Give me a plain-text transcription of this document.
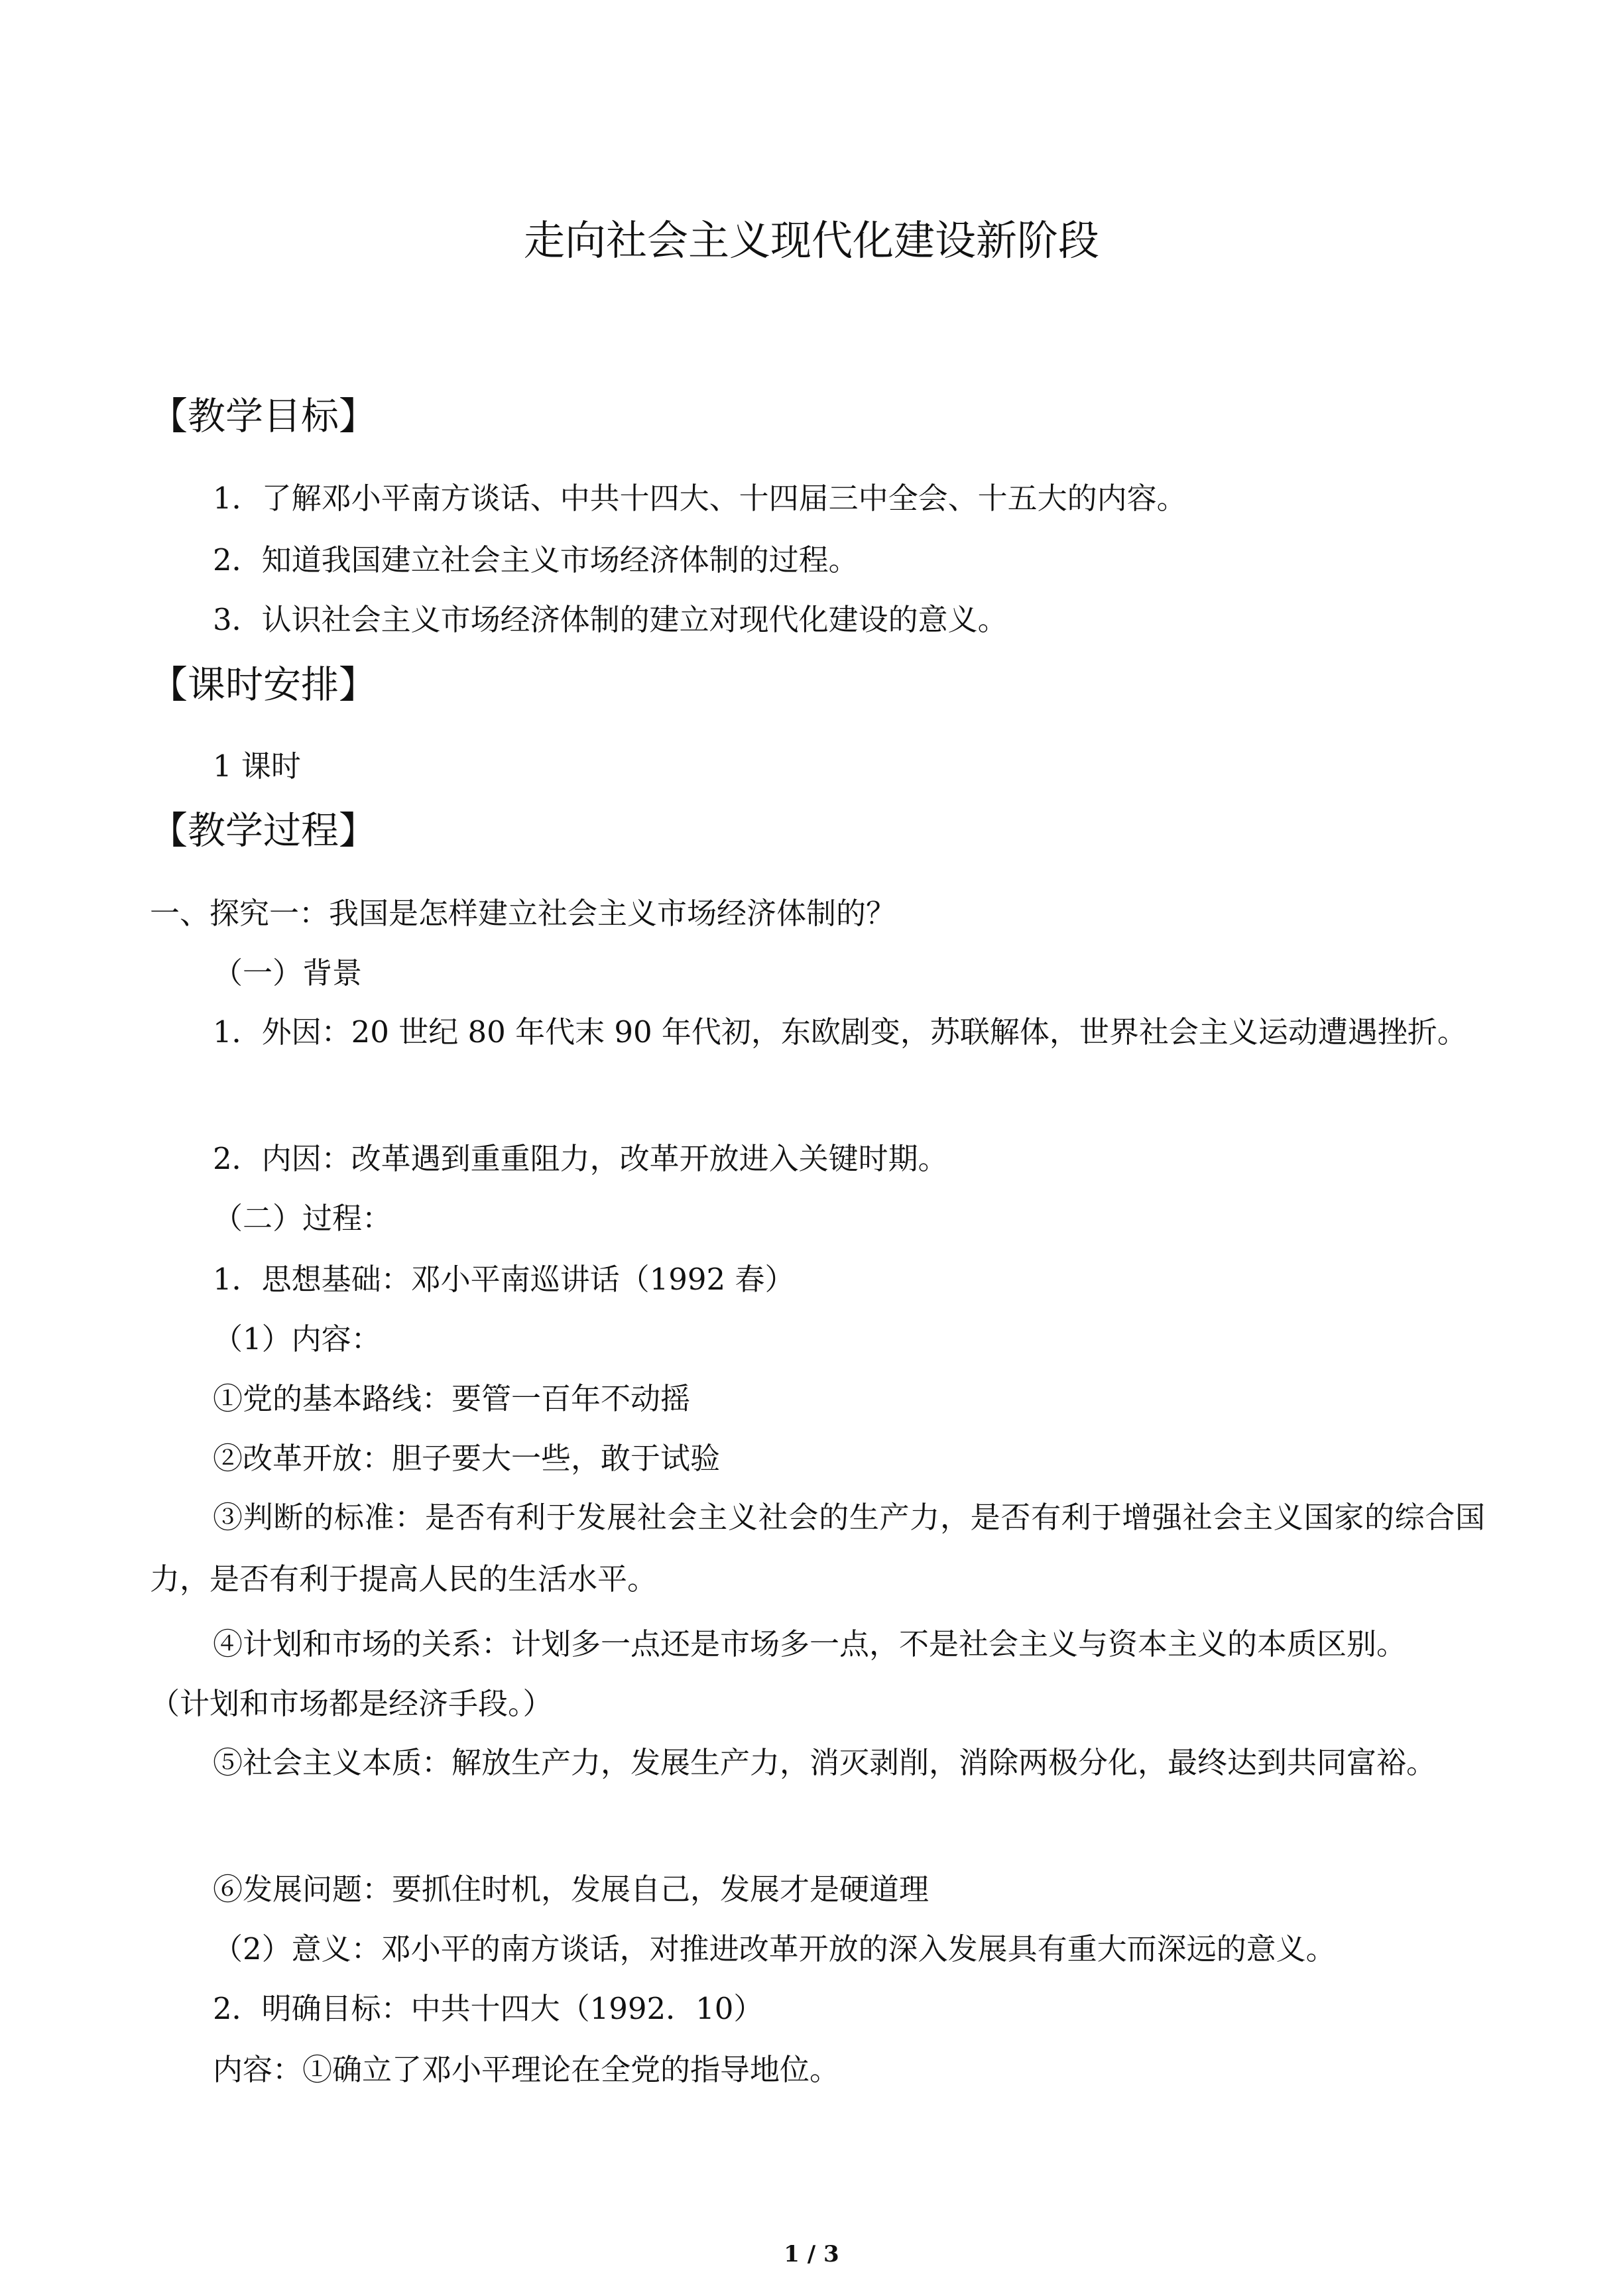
走向社会主义现代化建设新阶段
【教学目标】

1．了解邓小平南方谈话、中共十四大、十四届三中全会、十五大的内容。

2．知道我国建立社会主义市场经济体制的过程。

3．认识社会主义市场经济体制的建立对现代化建设的意义。

【课时安排】

1 课时

【教学过程】

一、探究一：我国是怎样建立社会主义市场经济体制的？

（一）背景

1．外因：20 世纪 80 年代末 90 年代初，东欧剧变，苏联解体，世界社会主义运动遭遇挫折。

2．内因：改革遇到重重阻力，改革开放进入关键时期。

（二）过程：

1．思想基础：邓小平南巡讲话（1992 春）

（1）内容：

①党的基本路线：要管一百年不动摇

②改革开放：胆子要大一些，敢于试验

③判断的标准：是否有利于发展社会主义社会的生产力，是否有利于增强社会主义国家的综合国力，是否有利于提高人民的生活水平。

④计划和市场的关系：计划多一点还是市场多一点，不是社会主义与资本主义的本质区别。

（计划和市场都是经济手段。）

⑤社会主义本质：解放生产力，发展生产力，消灭剥削，消除两极分化，最终达到共同富裕。

⑥发展问题：要抓住时机，发展自己，发展才是硬道理

（2）意义：邓小平的南方谈话，对推进改革开放的深入发展具有重大而深远的意义。

2．明确目标：中共十四大（1992．10）

内容：①确立了邓小平理论在全党的指导地位。

1 / 3
